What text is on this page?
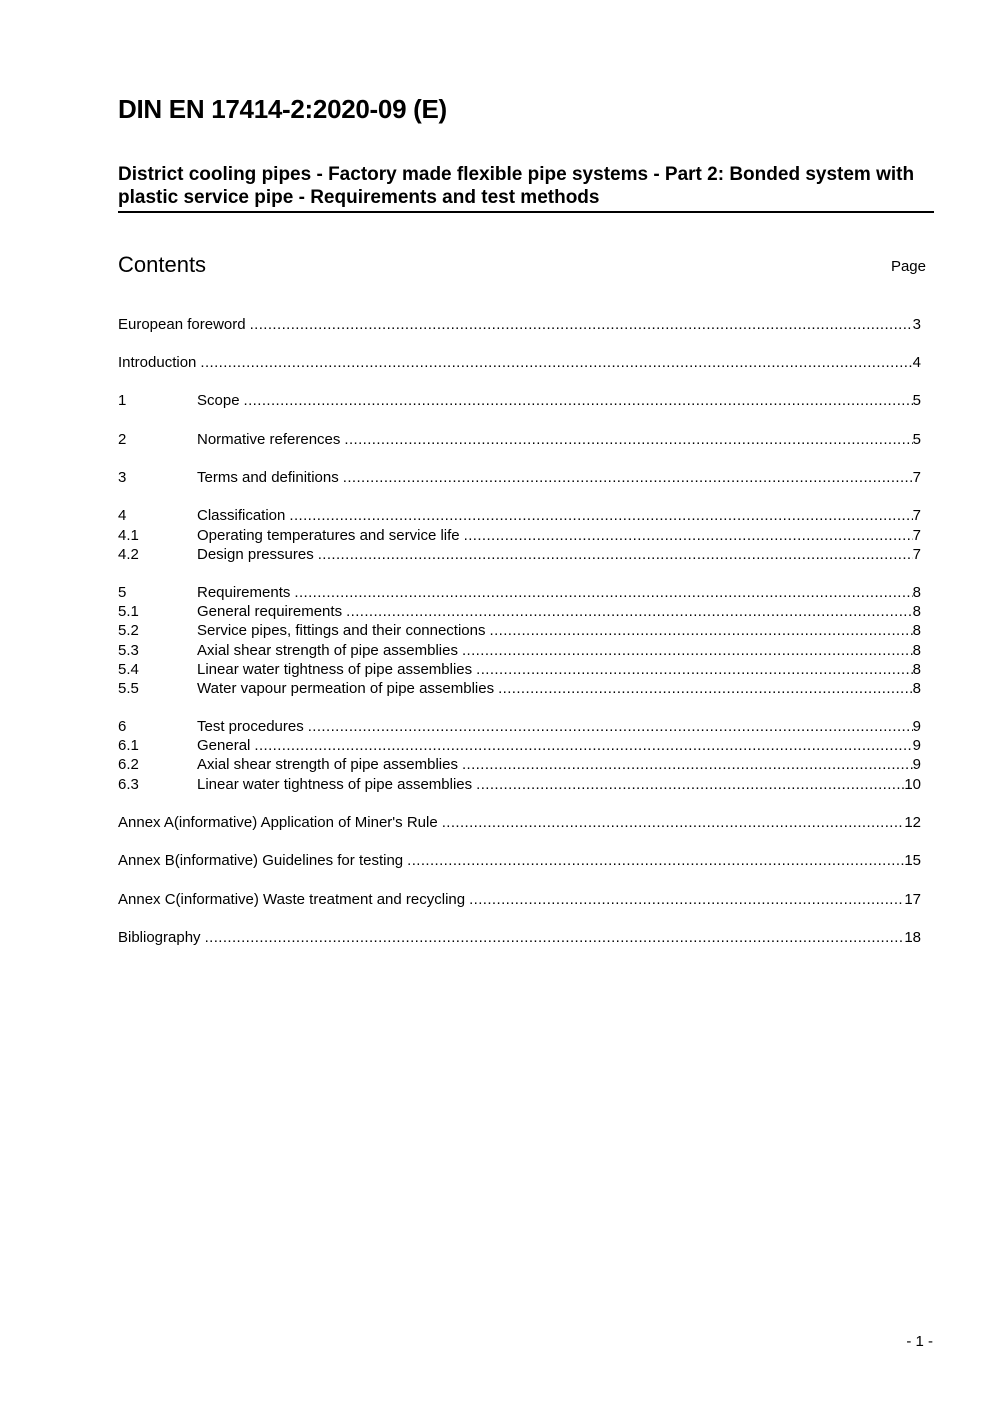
DIN EN 17414-2:2020-09 (E)
District cooling pipes - Factory made flexible pipe systems - Part 2: Bonded system with plastic service pipe - Requirements and test methods
Contents	Page
European foreword .....	3
Introduction .....	4
1	Scope .....	5
2	Normative references .....	5
3	Terms and definitions .....	7
4	Classification .....	7
4.1	Operating temperatures and service life .....	7
4.2	Design pressures .....	7
5	Requirements .....	8
5.1	General requirements .....	8
5.2	Service pipes, fittings and their connections .....	8
5.3	Axial shear strength of pipe assemblies .....	8
5.4	Linear water tightness of pipe assemblies .....	8
5.5	Water vapour permeation of pipe assemblies .....	8
6	Test procedures .....	9
6.1	General .....	9
6.2	Axial shear strength of pipe assemblies .....	9
6.3	Linear water tightness of pipe assemblies .....	10
Annex A(informative) Application of Miner's Rule .....	12
Annex B(informative) Guidelines for testing .....	15
Annex C(informative) Waste treatment and recycling .....	17
Bibliography .....	18
- 1 -
